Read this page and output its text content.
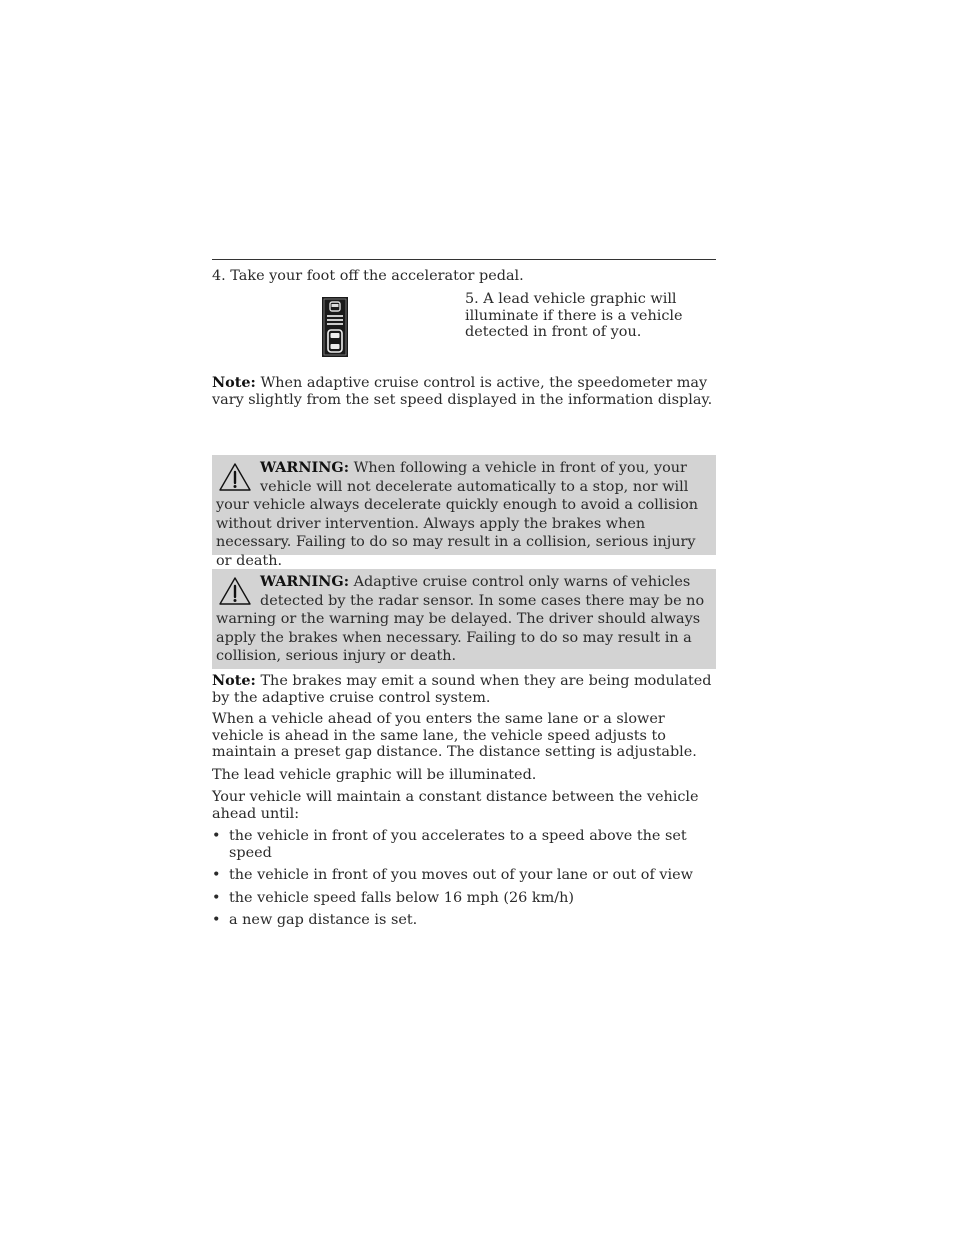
4. Take your foot off the accelerator pedal.
5. A lead vehicle graphic will illuminate if there is a vehicle detected in front of you.
Note: When adaptive cruise control is active, the speedometer may vary slightly from the set speed displayed in the information display.
WARNING: When following a vehicle in front of you, your vehicle will not decelerate automatically to a stop, nor will your vehicle always decelerate quickly enough to avoid a collision without driver intervention. Always apply the brakes when necessary. Failing to do so may result in a collision, serious injury or death.
WARNING: Adaptive cruise control only warns of vehicles detected by the radar sensor. In some cases there may be no warning or the warning may be delayed. The driver should always apply the brakes when necessary. Failing to do so may result in a collision, serious injury or death.
Note: The brakes may emit a sound when they are being modulated by the adaptive cruise control system.
When a vehicle ahead of you enters the same lane or a slower vehicle is ahead in the same lane, the vehicle speed adjusts to maintain a preset gap distance. The distance setting is adjustable.
The lead vehicle graphic will be illuminated.
Your vehicle will maintain a constant distance between the vehicle ahead until:
• the vehicle in front of you accelerates to a speed above the set speed
• the vehicle in front of you moves out of your lane or out of view
• the vehicle speed falls below 16 mph (26 km/h)
• a new gap distance is set.
